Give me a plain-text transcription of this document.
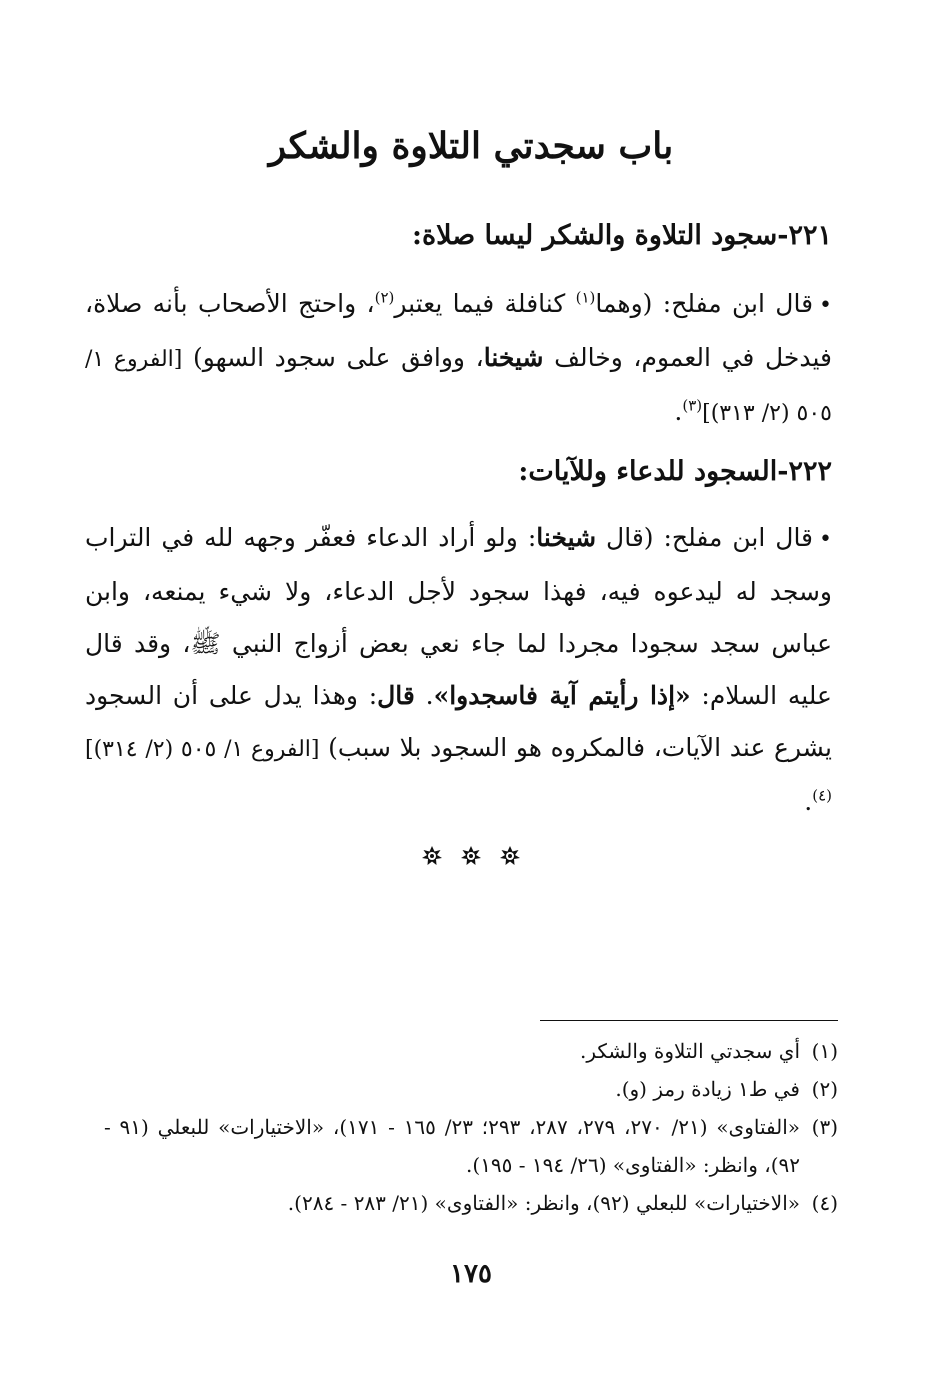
باب سجدتي التلاوة والشكر
٢٢١-سجود التلاوة والشكر ليسا صلاة:
•قال ابن مفلح: (وهما$^{(١)}$ كنافلة فيما يعتبر$^{(٢)}$، واحتج الأصحاب بأنه صلاة، فيدخل في العموم، وخالف شيخنا، ووافق على سجود السهو) [الفروع ١/ ٥٠٥ (٢/ ٣١٣)]$^{(٣)}$.
٢٢٢-السجود للدعاء وللآيات:
•قال ابن مفلح: (قال شيخنا: ولو أراد الدعاء فعفّر وجهه لله في التراب وسجد له ليدعوه فيه، فهذا سجود لأجل الدعاء، ولا شيء يمنعه، وابن عباس سجد سجودا مجردا لما جاء نعي بعض أزواج النبي ﷺ، وقد قال عليه السلام: «إذا رأيتم آية فاسجدوا». قال: وهذا يدل على أن السجود يشرع عند الآيات، فالمكروه هو السجود بلا سبب) [الفروع ١/ ٥٠٥ (٢/ ٣١٤)]$^{(٤)}$.

(١)
أي سجدتي التلاوة والشكر.
(٢)
في ط١ زيادة رمز (و).
(٣)
«الفتاوى» (٢١/ ٢٧٠، ٢٧٩، ٢٨٧، ٢٩٣؛ ٢٣/ ١٦٥ - ١٧١)، «الاختيارات» للبعلي (٩١ - ٩٢)، وانظر: «الفتاوى» (٢٦/ ١٩٤ - ١٩٥).
(٤)
«الاختيارات» للبعلي (٩٢)، وانظر: «الفتاوى» (٢١/ ٢٨٣ - ٢٨٤).
١٧٥
